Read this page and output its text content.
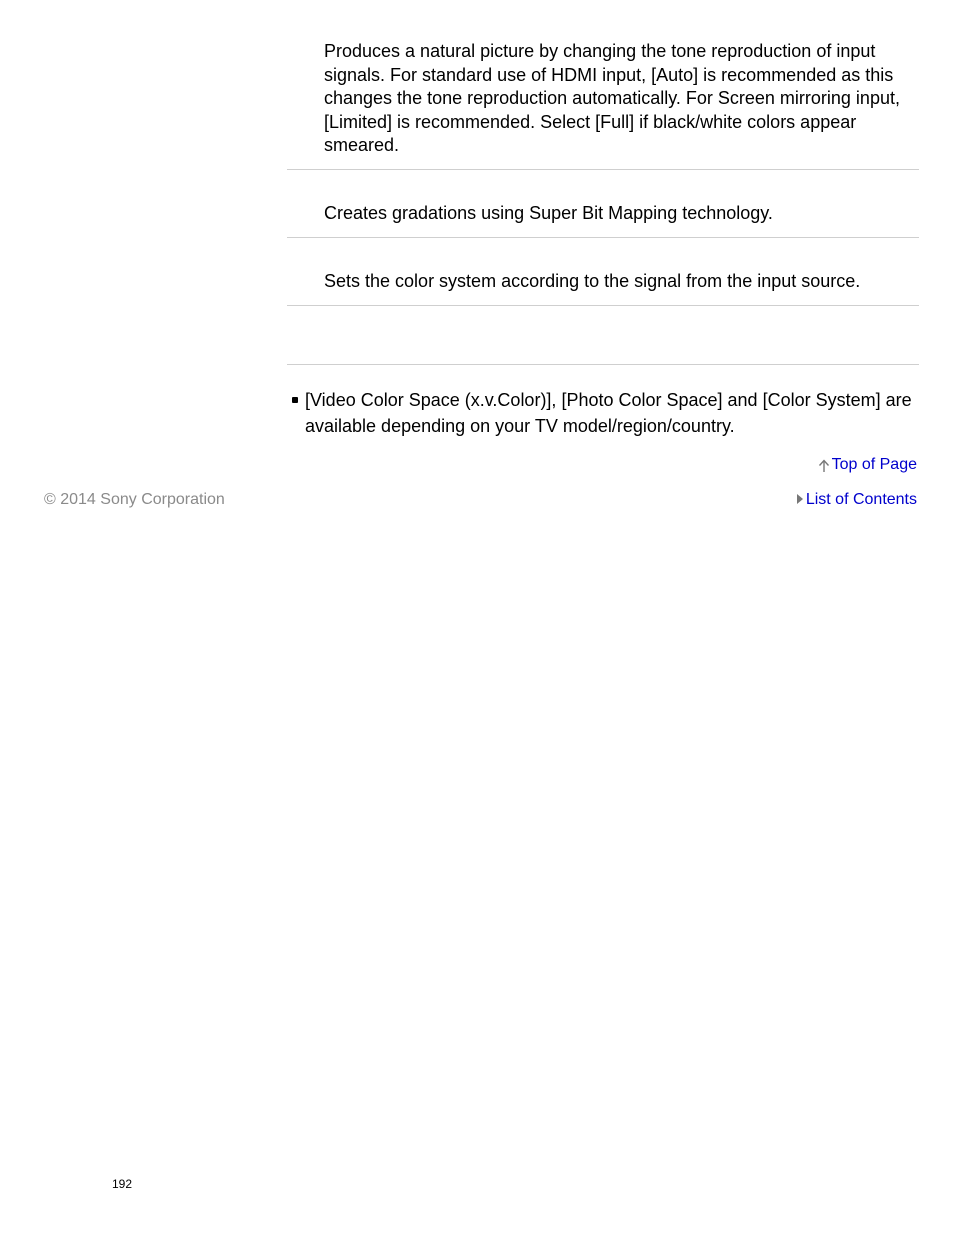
Produces a natural picture by changing the tone reproduction of input signals. For standard use of HDMI input, [Auto] is recommended as this changes the tone reproduction automatically. For Screen mirroring input, [Limited] is recommended. Select [Full] if black/white colors appear smeared.

Creates gradations using Super Bit Mapping technology.

Sets the color system according to the signal from the input source.

[Video Color Space (x.v.Color)], [Photo Color Space] and [Color System] are available depending on your TV model/region/country.
Top of Page
List of Contents
© 2014 Sony Corporation
192
